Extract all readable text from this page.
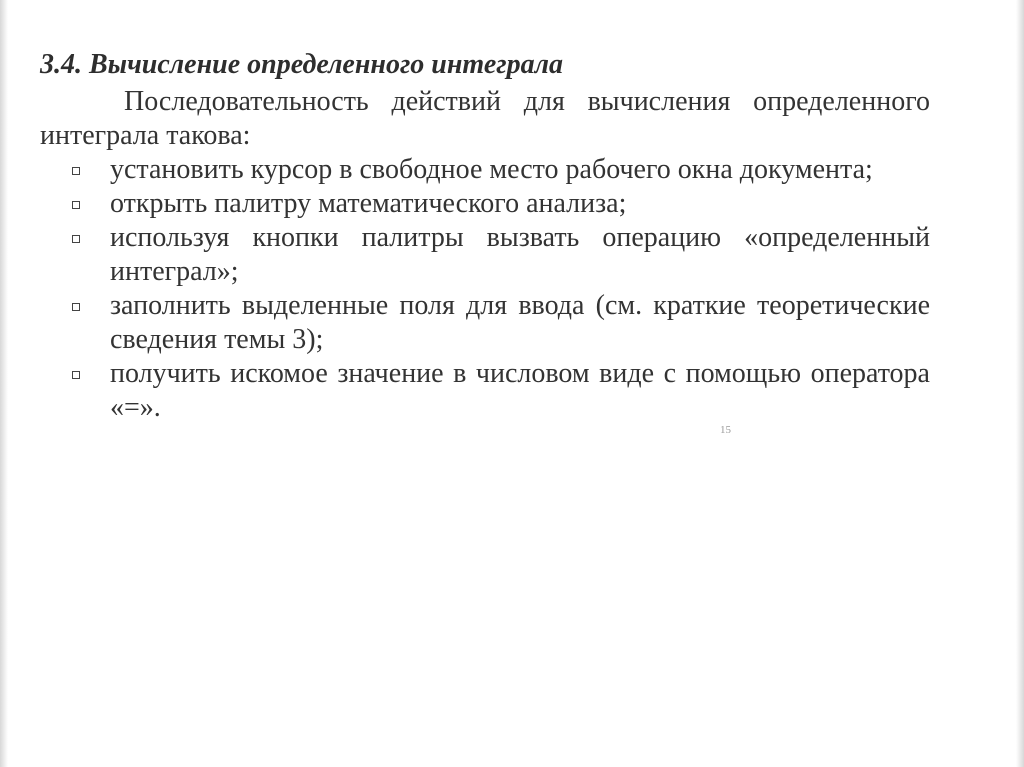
3.4. Вычисление определенного интеграла

Последовательность действий для вычисления определенного интеграла такова:

установить курсор в свободное место рабочего окна документа;
открыть палитру математического анализа;
используя кнопки палитры вызвать операцию «определенный интеграл»;
заполнить выделенные поля для ввода (см. краткие теоретические сведения темы 3);
получить искомое значение в числовом виде с помощью оператора «=».
15
